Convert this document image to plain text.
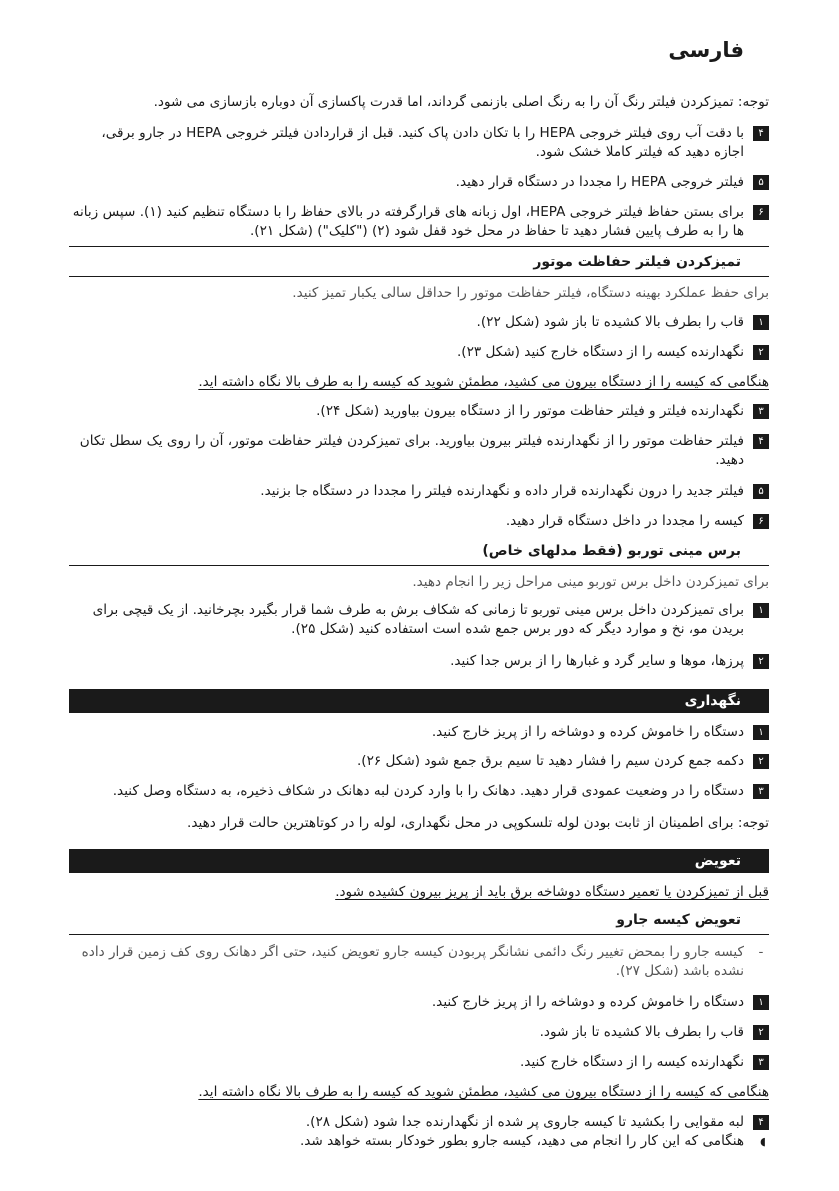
فارسی
توجه: تمیزکردن فیلتر رنگ آن را به رنگ اصلی بازنمی گرداند، اما قدرت پاکسازی آن دوباره بازسازی می شود.
۴
با دقت آب روی فیلتر خروجی HEPA را با تکان دادن پاک کنید. قبل از قراردادن فیلتر خروجی HEPA در جارو برقی، اجازه دهید که فیلتر کاملا خشک شود.
۵
فیلتر خروجی HEPA را مجددا در دستگاه قرار دهید.
۶
برای بستن حفاظ فیلتر خروجی HEPA، اول زبانه های قرارگرفته در بالای حفاظ را با دستگاه تنظیم کنید (۱). سپس زبانه ها را به طرف پایین فشار دهید تا حفاظ در محل خود قفل شود (۲) ("کلیک") (شکل ۲۱).
تمیزکردن فیلتر حفاظت موتور
برای حفظ عملکرد بهینه دستگاه، فیلتر حفاظت موتور را حداقل سالی یکبار تمیز کنید.
۱
قاب را بطرف بالا کشیده تا باز شود (شکل ۲۲).
۲
نگهدارنده کیسه را از دستگاه خارج کنید (شکل ۲۳).
هنگامی که کیسه را از دستگاه بیرون می کشید، مطمئن شوید که کیسه را به طرف بالا نگاه داشته اید.
۳
نگهدارنده فیلتر و فیلتر حفاظت موتور را از دستگاه بیرون بیاورید (شکل ۲۴).
۴
فیلتر حفاظت موتور را از نگهدارنده فیلتر بیرون بیاورید. برای تمیزکردن فیلتر حفاظت موتور، آن را روی یک سطل تکان دهید.
۵
فیلتر جدید را درون نگهدارنده قرار داده و نگهدارنده فیلتر را مجددا در دستگاه جا بزنید.
۶
کیسه را مجددا در داخل دستگاه قرار دهید.
برس مینی توربو (فقط مدلهای خاص)
برای تمیزکردن داخل برس توربو مینی مراحل زیر را انجام دهید.
۱
برای تمیزکردن داخل برس مینی توربو تا زمانی که شکاف برش به طرف شما قرار بگیرد بچرخانید. از یک قیچی برای بریدن مو، نخ و موارد دیگر که دور برس جمع شده است استفاده کنید (شکل ۲۵).
۲
پرزها، موها و سایر گرد و غبارها را از برس جدا کنید.
نگهداری
۱
دستگاه را خاموش کرده و دوشاخه را از پریز خارج کنید.
۲
دکمه جمع کردن سیم را فشار دهید تا سیم برق جمع شود (شکل ۲۶).
۳
دستگاه را در وضعیت عمودی قرار دهید. دهانک را با وارد کردن لبه دهانک در شکاف ذخیره، به دستگاه وصل کنید.
توجه: برای اطمینان از ثابت بودن لوله تلسکوپی در محل نگهداری، لوله را در کوتاهترین حالت قرار دهید.
تعویض
قبل از تمیزکردن یا تعمیر دستگاه دوشاخه برق باید از پریز بیرون کشیده شود.
تعویض کیسه جارو
-
کیسه جارو را بمحض تغییر رنگ دائمی نشانگر پربودن کیسه جارو تعویض کنید، حتی اگر دهانک روی کف زمین قرار داده نشده باشد (شکل ۲۷).
۱
دستگاه را خاموش کرده و دوشاخه را از پریز خارج کنید.
۲
قاب را بطرف بالا کشیده تا باز شود.
۳
نگهدارنده کیسه را از دستگاه خارج کنید.
هنگامی که کیسه را از دستگاه بیرون می کشید، مطمئن شوید که کیسه را به طرف بالا نگاه داشته اید.
۴
لبه مقوایی را بکشید تا کیسه جاروی پر شده از نگهدارنده جدا شود (شکل ۲۸).
◖
هنگامی که این کار را انجام می دهید، کیسه جارو بطور خودکار بسته خواهد شد.
